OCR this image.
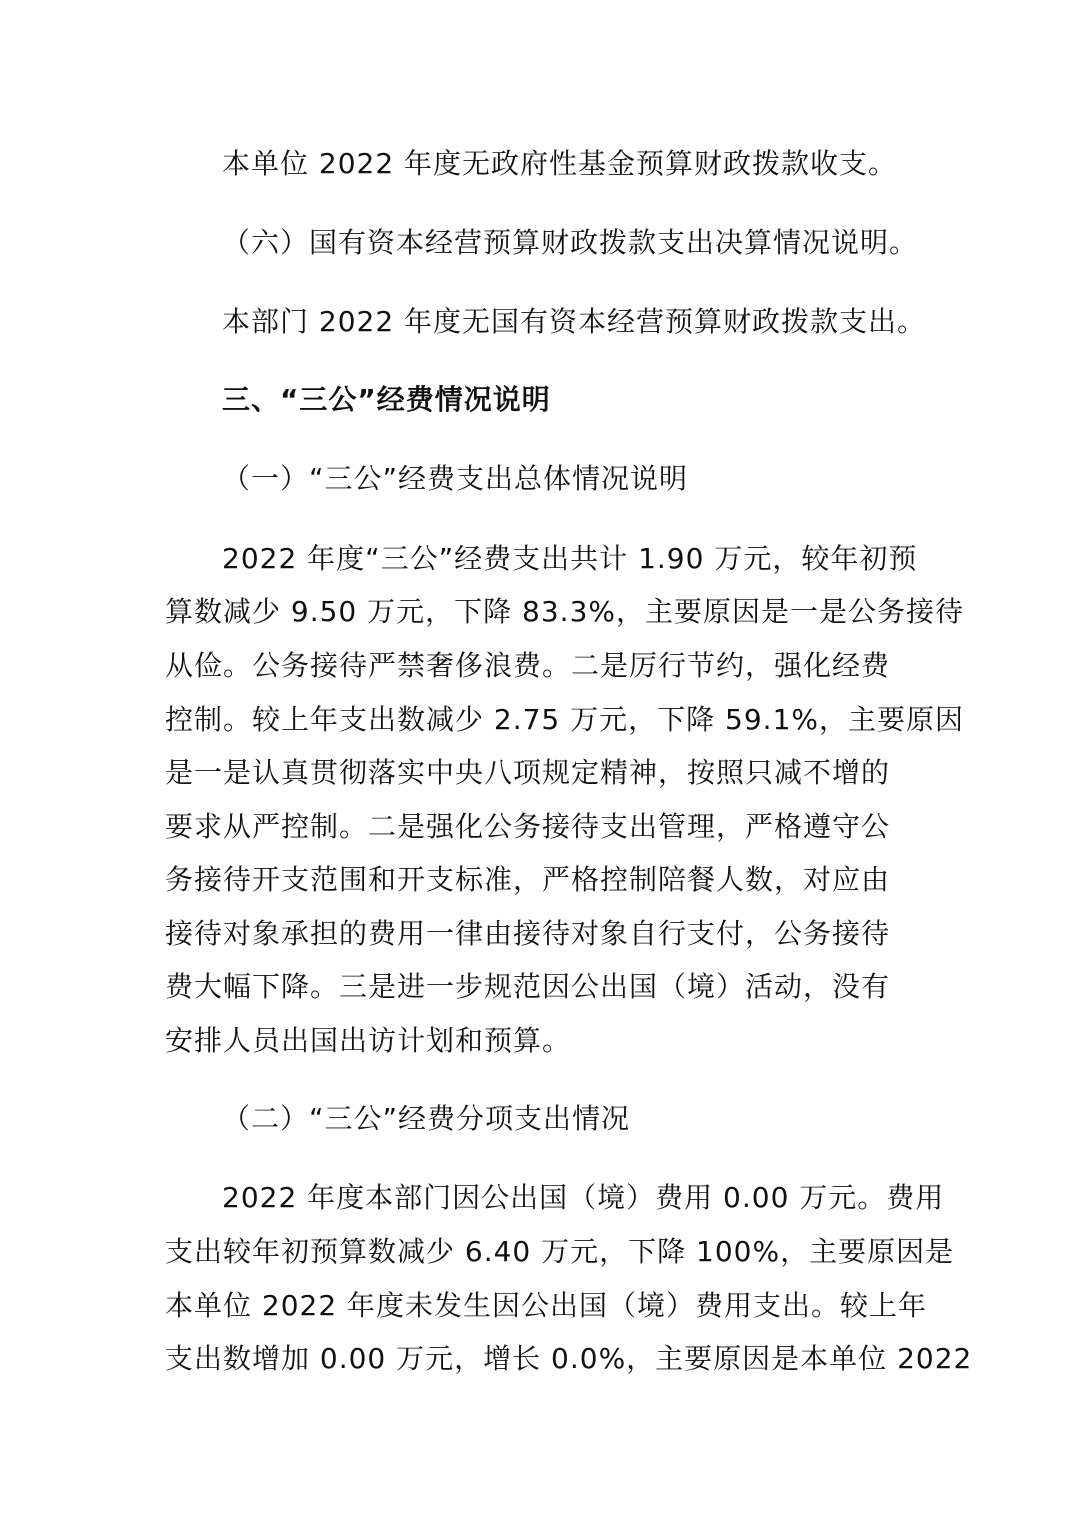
本单位 2022 年度无政府性基金预算财政拨款收支。

（六）国有资本经营预算财政拨款支出决算情况说明。

本部门 2022 年度无国有资本经营预算财政拨款支出。

三、“三公”经费情况说明

（一）“三公”经费支出总体情况说明

2022 年度“三公”经费支出共计 1.90 万元，较年初预

算数减少 9.50 万元，下降 83.3%，主要原因是一是公务接待

从俭。公务接待严禁奢侈浪费。二是厉行节约，强化经费

控制。较上年支出数减少 2.75 万元，下降 59.1%，主要原因

是一是认真贯彻落实中央八项规定精神，按照只减不增的

要求从严控制。二是强化公务接待支出管理，严格遵守公

务接待开支范围和开支标准，严格控制陪餐人数，对应由

接待对象承担的费用一律由接待对象自行支付，公务接待

费大幅下降。三是进一步规范因公出国（境）活动，没有

安排人员出国出访计划和预算。

（二）“三公”经费分项支出情况

2022 年度本部门因公出国（境）费用 0.00 万元。费用

支出较年初预算数减少 6.40 万元，下降 100%，主要原因是

本单位 2022 年度未发生因公出国（境）费用支出。较上年

支出数增加 0.00 万元，增长 0.0%，主要原因是本单位 2022
